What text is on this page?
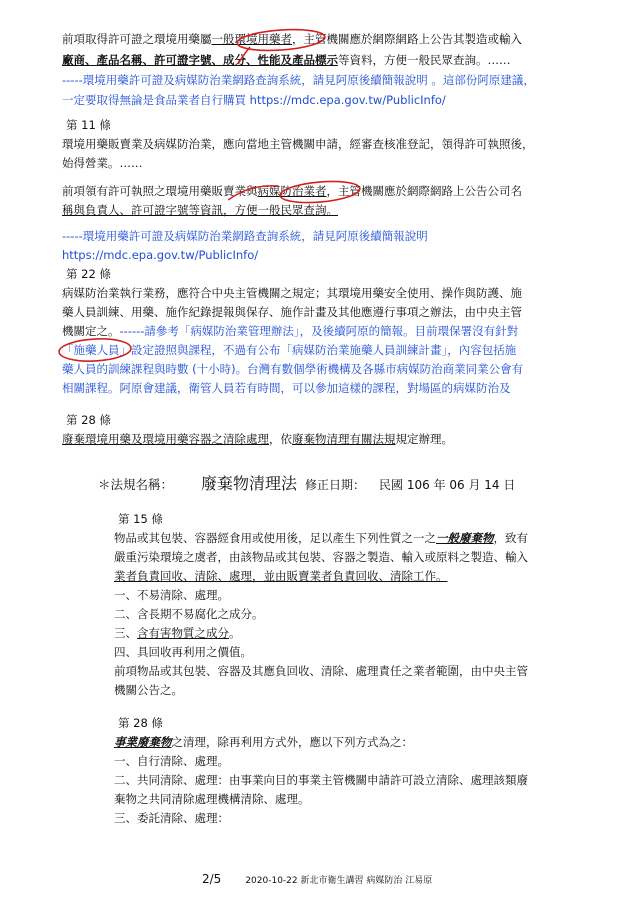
前項取得許可證之環境用藥屬一般環境用藥者，主管機關應於網際網路上公告其製造或輸入
廠商、產品名稱、許可證字號、成分、性能及產品標示等資料，方便一般民眾查詢。……
-----環境用藥許可證及病媒防治業網路查詢系統，請見阿原後續簡報說明 。這部份阿原建議，
一定要取得無論是食品業者自行購買 https://mdc.epa.gov.tw/PublicInfo/
第 11 條
環境用藥販賣業及病媒防治業，應向當地主管機關申請，經審查核准登記，領得許可執照後，
始得營業。……
前項領有許可執照之環境用藥販賣業與病媒防治業者，主管機關應於網際網路上公告公司名
稱與負責人、許可證字號等資訊，方便一般民眾查詢。
-----環境用藥許可證及病媒防治業網路查詢系統，請見阿原後續簡報說明
https://mdc.epa.gov.tw/PublicInfo/
第 22 條
病媒防治業執行業務，應符合中央主管機關之規定；其環境用藥安全使用、操作與防護、施
藥人員訓練、用藥、施作紀錄提報與保存、施作計畫及其他應遵行事項之辦法，由中央主管
機關定之。------請參考「病媒防治業管理辦法」，及後續阿原的簡報。目前環保署沒有針對
「施藥人員」設定證照與課程，不過有公布「病媒防治業施藥人員訓練計畫」，內容包括施
藥人員的訓練課程與時數 (十小時)。台灣有數個學術機構及各縣市病媒防治商業同業公會有
相關課程。阿原會建議，衛管人員若有時間，可以參加這樣的課程，對場區的病媒防治及
第 28 條
廢棄環境用藥及環境用藥容器之清除處理，依廢棄物清理有關法規規定辦理。
＊法規名稱： 廢棄物清理法 修正日期： 民國 106 年 06 月 14 日
第 15 條
物品或其包裝、容器經食用或使用後，足以產生下列性質之一之一般廢棄物，致有
嚴重污染環境之虞者，由該物品或其包裝、容器之製造、輸入或原料之製造、輸入
業者負責回收、清除、處理，並由販賣業者負責回收、清除工作。
一、不易清除、處理。
二、含長期不易腐化之成分。
三、含有害物質之成分。
四、具回收再利用之價值。
前項物品或其包裝、容器及其應負回收、清除、處理責任之業者範圍，由中央主管
機關公告之。
第 28 條
事業廢棄物之清理，除再利用方式外，應以下列方式為之：
一、自行清除、處理。
二、共同清除、處理：由事業向目的事業主管機關申請許可設立清除、處理該類廢
棄物之共同清除處理機構清除、處理。
三、委託清除、處理：
2/5	2020-10-22 新北市衛生講習 病媒防治 江易原
